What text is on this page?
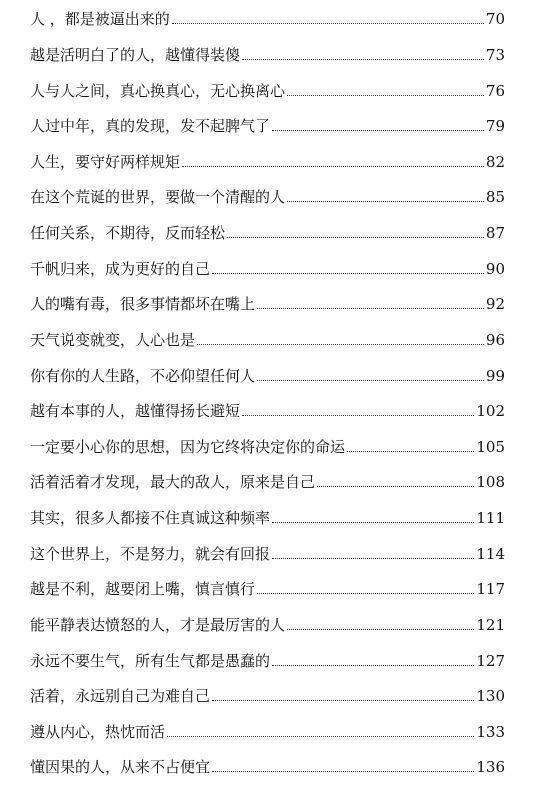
人 ，都是被逼出来的	70
越是活明白了的人，越懂得装傻	73
人与人之间，真心换真心，无心换离心	76
人过中年，真的发现，发不起脾气了	79
人生，要守好两样规矩	82
在这个荒诞的世界，要做一个清醒的人	85
任何关系，不期待，反而轻松	87
千帆归来，成为更好的自己	90
人的嘴有毒，很多事情都坏在嘴上	92
天气说变就变，人心也是	96
你有你的人生路，不必仰望任何人	99
越有本事的人，越懂得扬长避短	102
一定要小心你的思想，因为它终将决定你的命运	105
活着活着才发现，最大的敌人，原来是自己	108
其实，很多人都接不住真诚这种频率	111
这个世界上，不是努力，就会有回报	114
越是不利，越要闭上嘴，慎言慎行	117
能平静表达愤怒的人，才是最厉害的人	121
永远不要生气，所有生气都是愚蠢的	127
活着，永远别自己为难自己	130
遵从内心，热忱而活	133
懂因果的人，从来不占便宜	136
